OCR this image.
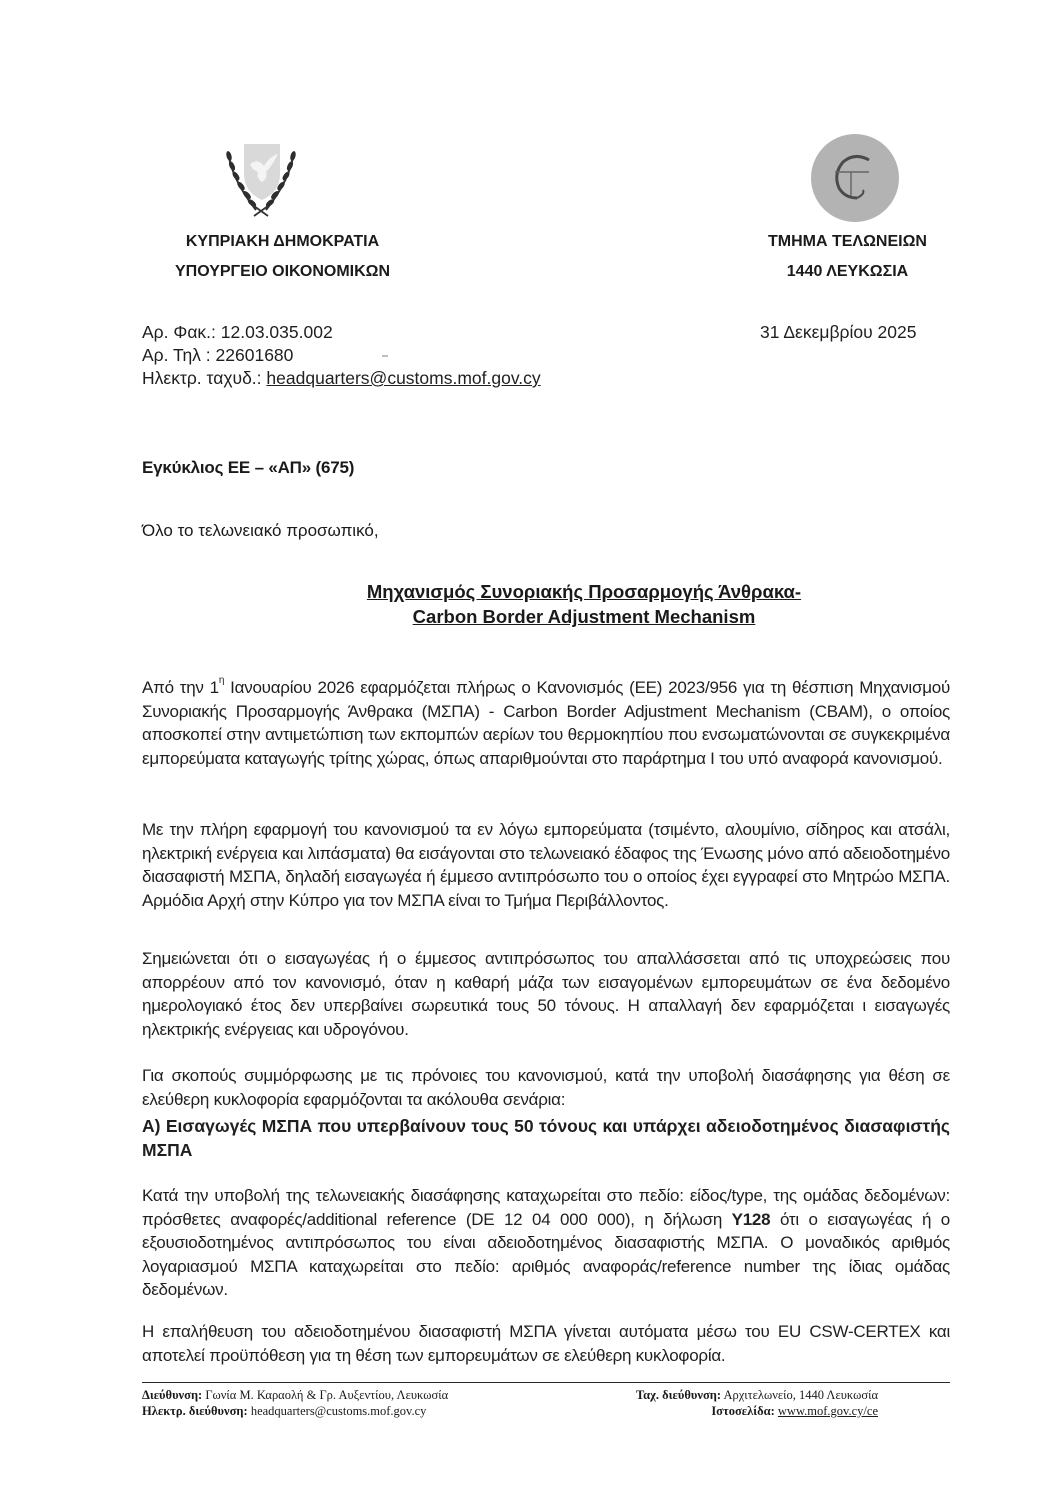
ΚΥΠΡΙΑΚΗ ΔΗΜΟΚΡΑΤΙΑ
ΥΠΟΥΡΓΕΙΟ ΟΙΚΟΝΟΜΙΚΩΝ
ΤΜΗΜΑ ΤΕΛΩΝΕΙΩΝ
1440 ΛΕΥΚΩΣΙΑ
Αρ. Φακ.: 12.03.035.002
Αρ. Τηλ : 22601680
Ηλεκτρ. ταχυδ.: headquarters@customs.mof.gov.cy
31 Δεκεμβρίου 2025
Εγκύκλιος ΕΕ – «ΑΠ» (675)
Όλο το τελωνειακό προσωπικό,
Μηχανισμός Συνοριακής Προσαρμογής Άνθρακα-
Carbon Border Adjustment Mechanism
Από την $1^\eta$ Ιανουαρίου 2026 εφαρμόζεται πλήρως ο Κανονισμός (ΕΕ) 2023/956 για τη θέσπιση Μηχανισμού Συνοριακής Προσαρμογής Άνθρακα (ΜΣΠΑ) - Carbon Border Adjustment Mechanism (CBAM), ο οποίος αποσκοπεί στην αντιμετώπιση των εκπομπών αερίων του θερμοκηπίου που ενσωματώνονται σε συγκεκριμένα εμπορεύματα καταγωγής τρίτης χώρας, όπως απαριθμούνται στο παράρτημα Ι του υπό αναφορά κανονισμού.
Με την πλήρη εφαρμογή του κανονισμού τα εν λόγω εμπορεύματα (τσιμέντο, αλουμίνιο, σίδηρος και ατσάλι, ηλεκτρική ενέργεια και λιπάσματα) θα εισάγονται στο τελωνειακό έδαφος της Ένωσης μόνο από αδειοδοτημένο διασαφιστή ΜΣΠΑ, δηλαδή εισαγωγέα ή έμμεσο αντιπρόσωπο του ο οποίος έχει εγγραφεί στο Μητρώο ΜΣΠΑ. Αρμόδια Αρχή στην Κύπρο για τον ΜΣΠΑ είναι το Τμήμα Περιβάλλοντος.
Σημειώνεται ότι ο εισαγωγέας ή ο έμμεσος αντιπρόσωπος του απαλλάσσεται από τις υποχρεώσεις που απορρέουν από τον κανονισμό, όταν η καθαρή μάζα των εισαγομένων εμπορευμάτων σε ένα δεδομένο ημερολογιακό έτος δεν υπερβαίνει σωρευτικά τους 50 τόνους. Η απαλλαγή δεν εφαρμόζεται ι εισαγωγές ηλεκτρικής ενέργειας και υδρογόνου.
Για σκοπούς συμμόρφωσης με τις πρόνοιες του κανονισμού, κατά την υποβολή διασάφησης για θέση σε ελεύθερη κυκλοφορία εφαρμόζονται τα ακόλουθα σενάρια:
Α) Εισαγωγές ΜΣΠΑ που υπερβαίνουν τους 50 τόνους και υπάρχει αδειοδοτημένος διασαφιστής ΜΣΠΑ
Κατά την υποβολή της τελωνειακής διασάφησης καταχωρείται στο πεδίο: είδος/type, της ομάδας δεδομένων: πρόσθετες αναφορές/additional reference (DE 12 04 000 000), η δήλωση Y128 ότι ο εισαγωγέας ή ο εξουσιοδοτημένος αντιπρόσωπος του είναι αδειοδοτημένος διασαφιστής ΜΣΠΑ. Ο μοναδικός αριθμός λογαριασμού ΜΣΠΑ καταχωρείται στο πεδίο: αριθμός αναφοράς/reference number της ίδιας ομάδας δεδομένων.
Η επαλήθευση του αδειοδοτημένου διασαφιστή ΜΣΠΑ γίνεται αυτόματα μέσω του EU CSW-CERTEX και αποτελεί προϋπόθεση για τη θέση των εμπορευμάτων σε ελεύθερη κυκλοφορία.
Διεύθυνση: Γωνία Μ. Καραολή & Γρ. Αυξεντίου, Λευκωσία
Ηλεκτρ. διεύθυνση: headquarters@customs.mof.gov.cy
Ταχ. διεύθυνση: Αρχιτελωνείο, 1440 Λευκωσία
Ιστοσελίδα: www.mof.gov.cy/ce
